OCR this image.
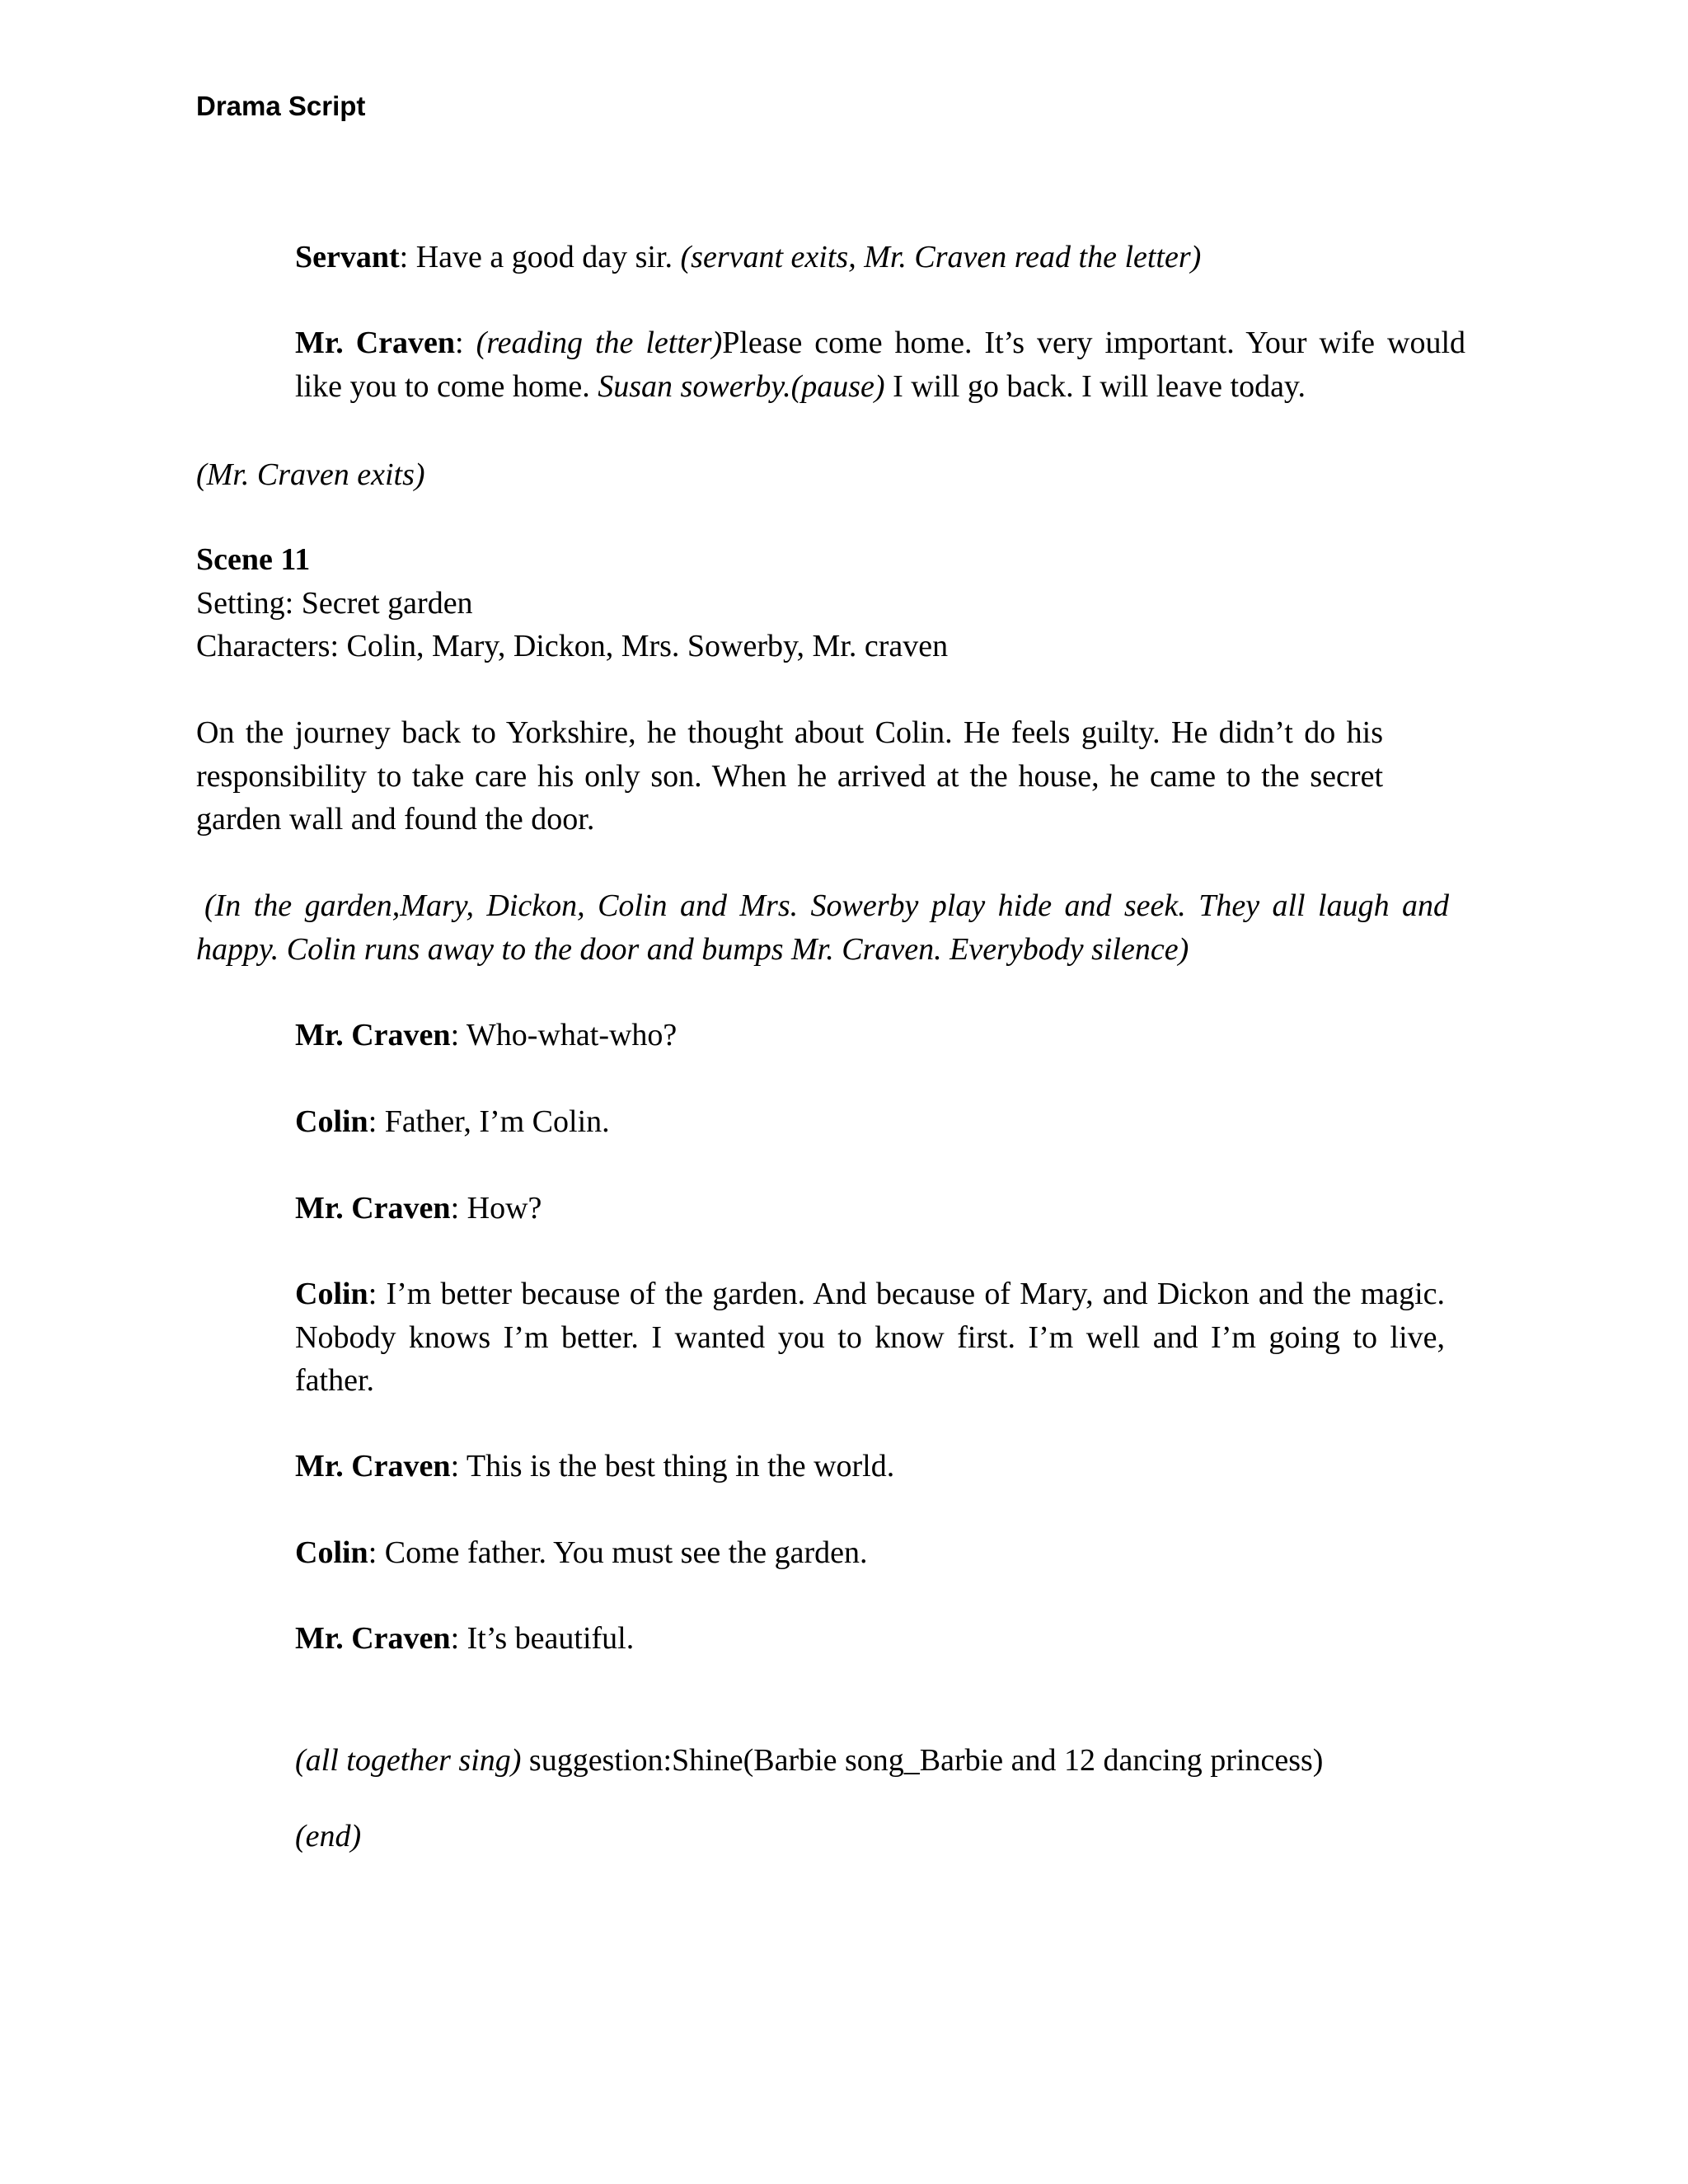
Drama Script
Servant: Have a good day sir. (servant exits, Mr. Craven read the letter)
Mr. Craven: (reading the letter)Please come home. It’s very important. Your wife would like you to come home. Susan sowerby.(pause) I will go back. I will leave today.
(Mr. Craven exits)
Scene 11
Setting: Secret garden
Characters: Colin, Mary, Dickon, Mrs. Sowerby, Mr. craven
On the journey back to Yorkshire, he thought about Colin. He feels guilty. He didn’t do his responsibility to take care his only son. When he arrived at the house, he came to the secret garden wall and found the door.
(In the garden,Mary, Dickon, Colin and Mrs. Sowerby play hide and seek. They all laugh and happy. Colin runs away to the door and bumps Mr. Craven. Everybody silence)
Mr. Craven: Who-what-who?
Colin: Father, I’m Colin.
Mr. Craven: How?
Colin: I’m better because of the garden. And because of Mary, and Dickon and the magic. Nobody knows I’m better. I wanted you to know first. I’m well and I’m going to live, father.
Mr. Craven: This is the best thing in the world.
Colin: Come father. You must see the garden.
Mr. Craven: It’s beautiful.
(all together sing) suggestion:Shine(Barbie song_Barbie and 12 dancing princess)
(end)
